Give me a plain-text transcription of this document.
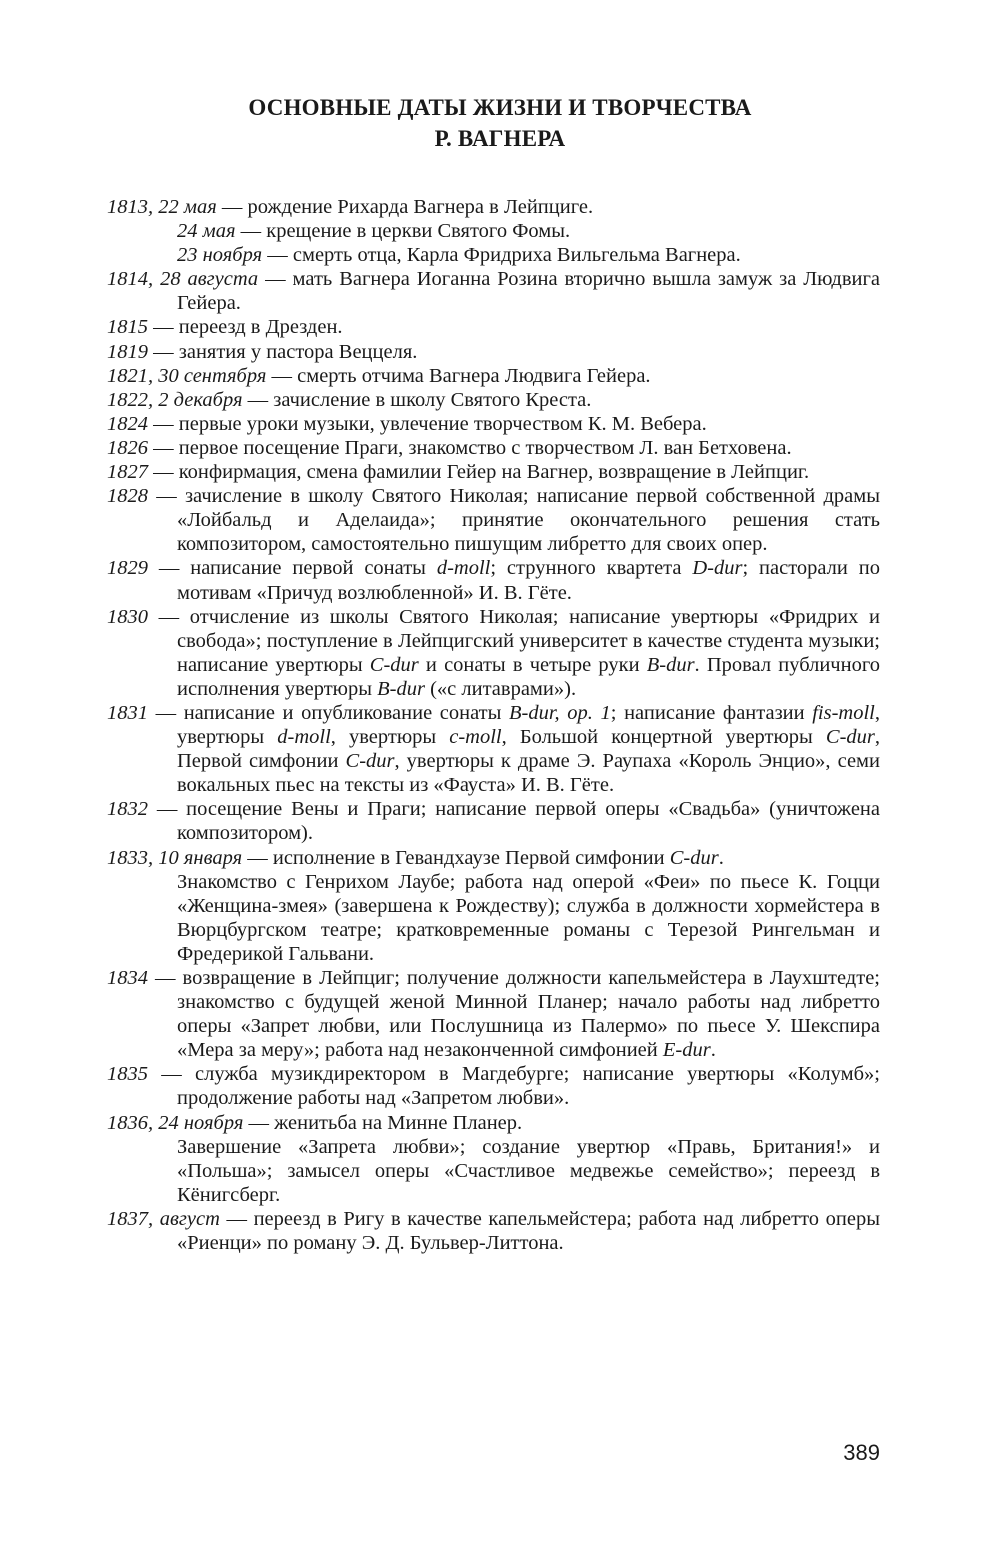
ОСНОВНЫЕ ДАТЫ ЖИЗНИ И ТВОРЧЕСТВА
Р. ВАГНЕРА
1813, 22 мая — рождение Рихарда Вагнера в Лейпциге.
24 мая — крещение в церкви Святого Фомы.
23 ноября — смерть отца, Карла Фридриха Вильгельма Вагнера.
1814, 28 августа — мать Вагнера Иоганна Розина вторично вышла замуж за Людвига Гейера.
1815 — переезд в Дрезден.
1819 — занятия у пастора Веццеля.
1821, 30 сентября — смерть отчима Вагнера Людвига Гейера.
1822, 2 декабря — зачисление в школу Святого Креста.
1824 — первые уроки музыки, увлечение творчеством К. М. Вебера.
1826 — первое посещение Праги, знакомство с творчеством Л. ван Бетховена.
1827 — конфирмация, смена фамилии Гейер на Вагнер, возвращение в Лейпциг.
1828 — зачисление в школу Святого Николая; написание первой собственной драмы «Лойбальд и Аделаида»; принятие окончательного решения стать композитором, самостоятельно пишущим либретто для своих опер.
1829 — написание первой сонаты d-moll; струнного квартета D-dur; пасторали по мотивам «Причуд возлюбленной» И. В. Гёте.
1830 — отчисление из школы Святого Николая; написание увертюры «Фридрих и свобода»; поступление в Лейпцигский университет в качестве студента музыки; написание увертюры C-dur и сонаты в четыре руки B-dur. Провал публичного исполнения увертюры B-dur («с литаврами»).
1831 — написание и опубликование сонаты B-dur, ор. 1; написание фантазии fis-moll, увертюры d-moll, увертюры c-moll, Большой концертной увертюры C-dur, Первой симфонии C-dur, увертюры к драме Э. Раупаха «Король Энцио», семи вокальных пьес на тексты из «Фауста» И. В. Гёте.
1832 — посещение Вены и Праги; написание первой оперы «Свадьба» (уничтожена композитором).
1833, 10 января — исполнение в Гевандхаузе Первой симфонии C-dur.
Знакомство с Генрихом Лаубе; работа над оперой «Феи» по пьесе К. Гоцци «Женщина-змея» (завершена к Рождеству); служба в должности хормейстера в Вюрцбургском театре; кратковременные романы с Терезой Рингельман и Фредерикой Гальвани.
1834 — возвращение в Лейпциг; получение должности капельмейстера в Лаухштедте; знакомство с будущей женой Минной Планер; начало работы над либретто оперы «Запрет любви, или Послушница из Палермо» по пьесе У. Шекспира «Мера за меру»; работа над незаконченной симфонией E-dur.
1835 — служба музикдиректором в Магдебурге; написание увертюры «Колумб»; продолжение работы над «Запретом любви».
1836, 24 ноября — женитьба на Минне Планер.
Завершение «Запрета любви»; создание увертюр «Правь, Британия!» и «Польша»; замысел оперы «Счастливое медвежье семейство»; переезд в Кёнигсберг.
1837, август — переезд в Ригу в качестве капельмейстера; работа над либретто оперы «Риенци» по роману Э. Д. Бульвер-Литтона.
389
